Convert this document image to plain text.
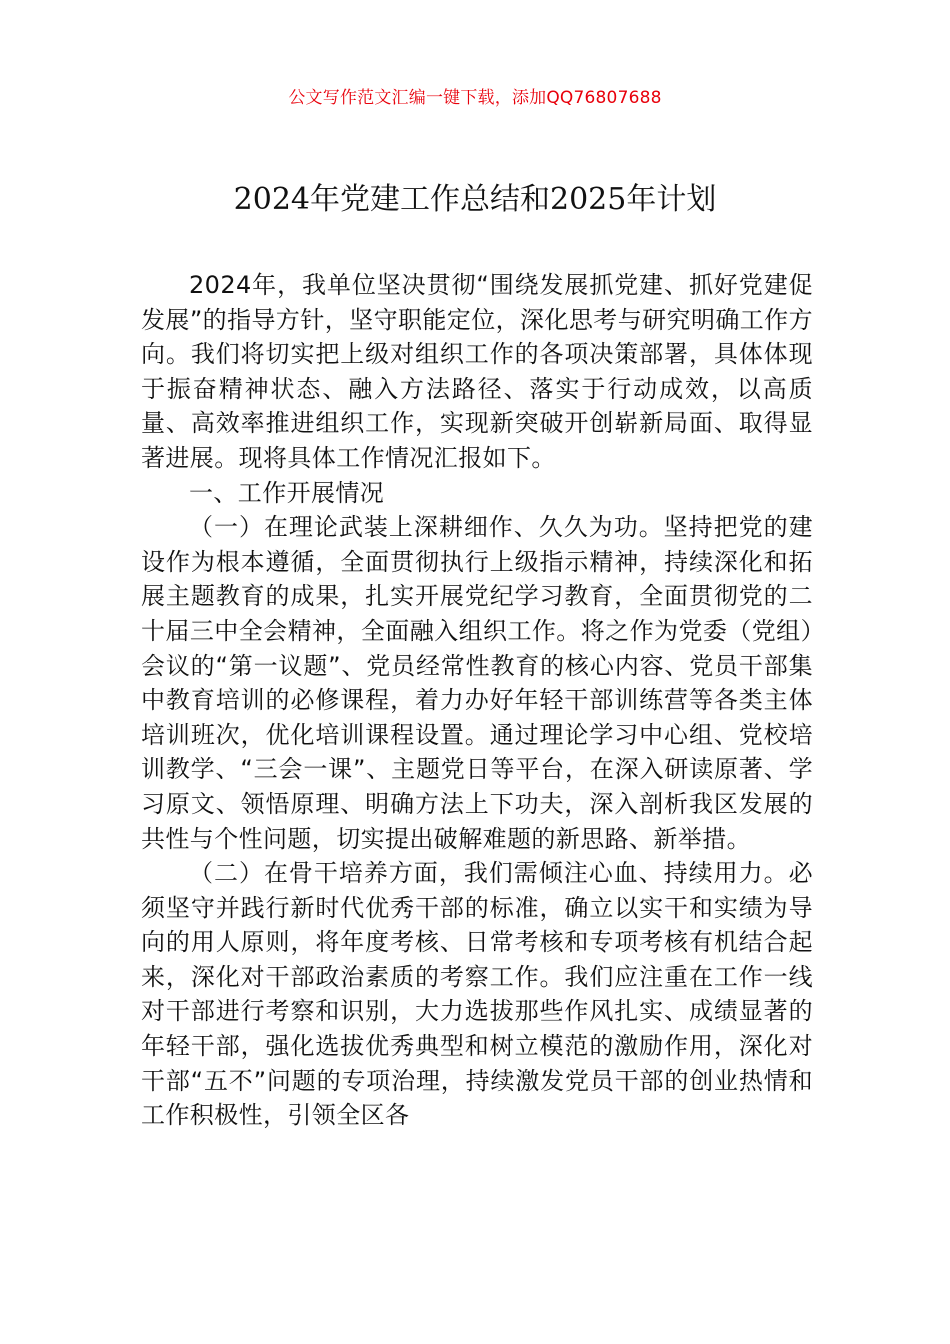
公文写作范文汇编一键下载，添加QQ76807688
2024年党建工作总结和2025年计划

2024年，我单位坚决贯彻“围绕发展抓党建、抓好党建促发展”的指导方针，坚守职能定位，深化思考与研究明确工作方向。我们将切实把上级对组织工作的各项决策部署，具体体现于振奋精神状态、融入方法路径、落实于行动成效，以高质量、高效率推进组织工作，实现新突破开创崭新局面、取得显著进展。现将具体工作情况汇报如下。

一、工作开展情况

（一）在理论武装上深耕细作、久久为功。坚持把党的建设作为根本遵循，全面贯彻执行上级指示精神，持续深化和拓展主题教育的成果，扎实开展党纪学习教育，全面贯彻党的二十届三中全会精神，全面融入组织工作。将之作为党委（党组）会议的“第一议题”、党员经常性教育的核心内容、党员干部集中教育培训的必修课程，着力办好年轻干部训练营等各类主体培训班次，优化培训课程设置。通过理论学习中心组、党校培训教学、“三会一课”、主题党日等平台，在深入研读原著、学习原文、领悟原理、明确方法上下功夫，深入剖析我区发展的共性与个性问题，切实提出破解难题的新思路、新举措。

（二）在骨干培养方面，我们需倾注心血、持续用力。必须坚守并践行新时代优秀干部的标准，确立以实干和实绩为导向的用人原则，将年度考核、日常考核和专项考核有机结合起来，深化对干部政治素质的考察工作。我们应注重在工作一线对干部进行考察和识别，大力选拔那些作风扎实、成绩显著的年轻干部，强化选拔优秀典型和树立模范的激励作用，深化对干部“五不”问题的专项治理，持续激发党员干部的创业热情和工作积极性，引领全区各
